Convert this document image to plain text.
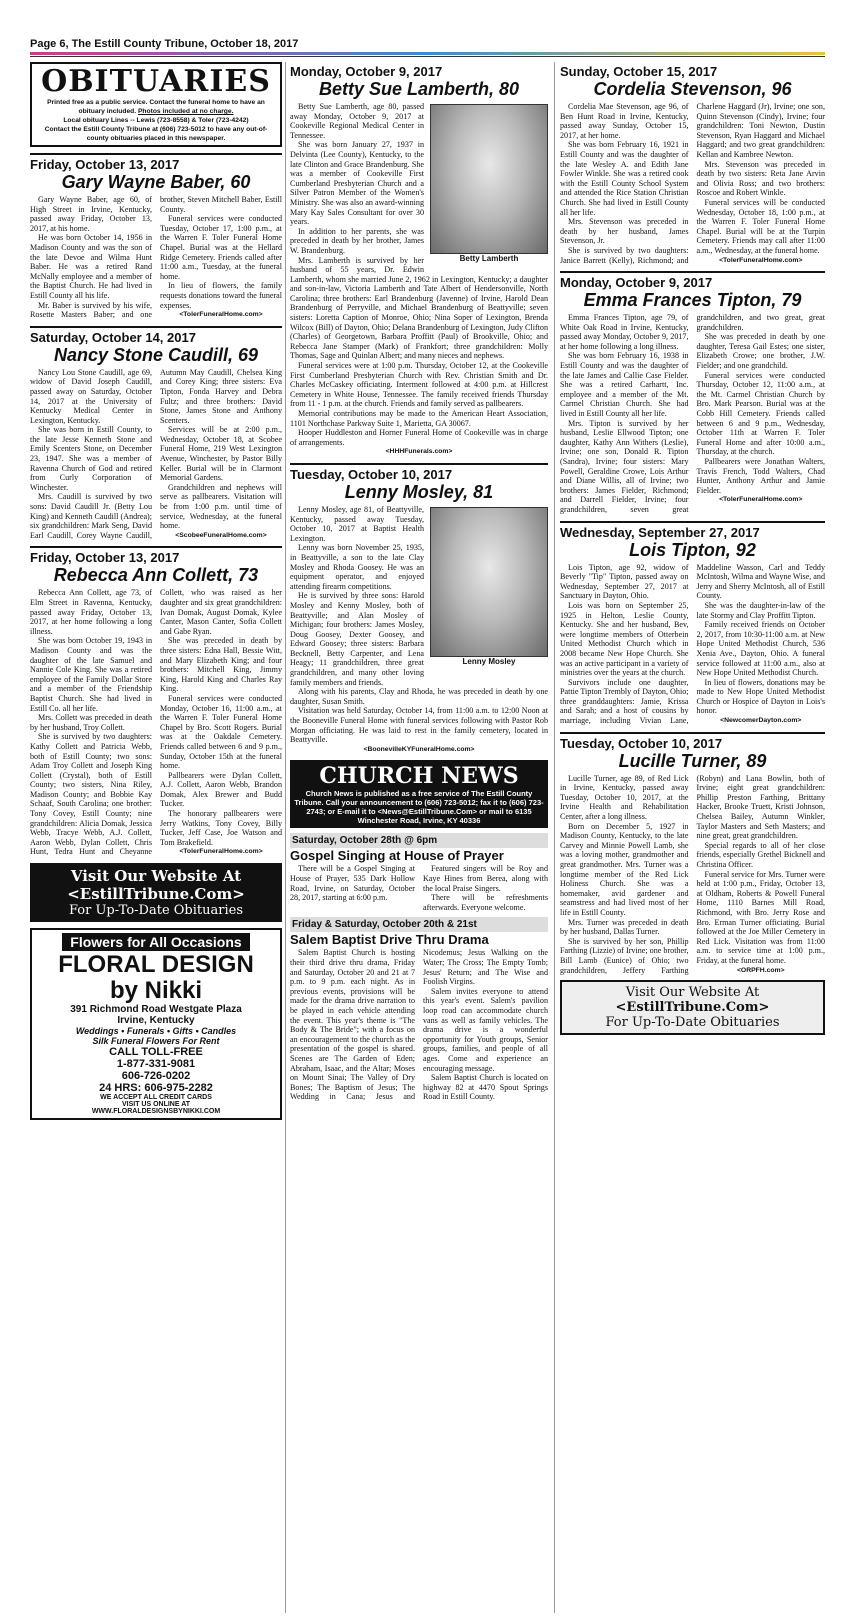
Page 6, The Estill County Tribune, October 18, 2017
OBITUARIES

Printed free as a public service. Contact the funeral home to have an obituary included. Photos included at no charge.

Local obituary Lines -- Lewis (723-8558) & Toler (723-4242)

Contact the Estill County Tribune at (606) 723-5012 to have any out-of-county obituaries placed in this newspaper.

Friday, October 13, 2017
Gary Wayne Baber, 60

Gary Wayne Baber, age 60, of High Street in Irvine, Kentucky, passed away Friday, October 13, 2017, at his home.

He was born October 14, 1956 in Madison County and was the son of the late Devoe and Wilma Hunt Baber. He was a retired Rand McNally employee and a member of the Baptist Church. He had lived in Estill County all his life.

Mr. Baber is survived by his wife, Rosette Masters Baber; and one brother, Steven Mitchell Baber, Estill County.

Funeral services were conducted Tuesday, October 17, 1:00 p.m., at the Warren F. Toler Funeral Home Chapel. Burial was at the Hellard Ridge Cemetery. Friends called after 11:00 a.m., Tuesday, at the funeral home.

In lieu of flowers, the family requests donations toward the funeral expenses.

<TolerFuneralHome.com>
Saturday, October 14, 2017
Nancy Stone Caudill, 69

Nancy Lou Stone Caudill, age 69, widow of David Joseph Caudill, passed away on Saturday, October 14, 2017 at the University of Kentucky Medical Center in Lexington, Kentucky.

She was born in Estill County, to the late Jesse Kenneth Stone and Emily Scenters Stone, on December 23, 1947. She was a member of Ravenna Church of God and retired from Curly Corporation of Winchester.

Mrs. Caudill is survived by two sons: David Caudill Jr. (Betty Lou King) and Kenneth Caudill (Andrea); six grandchildren: Mark Seng, David Earl Caudill, Corey Wayne Caudill, Autumn May Caudill, Chelsea King and Corey King; three sisters: Eva Tipton, Fonda Harvey and Debra Fultz; and three brothers: David Stone, James Stone and Anthony Scenters.

Services will be at 2:00 p.m., Wednesday, October 18, at Scobee Funeral Home, 219 West Lexington Avenue, Winchester, by Pastor Billy Keller. Burial will be in Clarmont Memorial Gardens.

Grandchildren and nephews will serve as pallbearers. Visitation will be from 1:00 p.m. until time of service, Wednesday, at the funeral home.

<ScobeeFuneralHome.com>
Friday, October 13, 2017
Rebecca Ann Collett, 73

Rebecca Ann Collett, age 73, of Elm Street in Ravenna, Kentucky, passed away Friday, October 13, 2017, at her home following a long illness.

She was born October 19, 1943 in Madison County and was the daughter of the late Samuel and Nannie Cole King. She was a retired employee of the Family Dollar Store and a member of the Friendship Baptist Church. She had lived in Estill Co. all her life.

Mrs. Collett was preceded in death by her husband, Troy Collett.

She is survived by two daughters: Kathy Collett and Patricia Webb, both of Estill County; two sons: Adam Troy Collett and Joseph King Collett (Crystal), both of Estill County; two sisters, Nina Riley, Madison County; and Bobbie Kay Schaaf, South Carolina; one brother: Tony Covey, Estill County; nine grandchildren: Alicia Domak, Jessica Webb, Tracye Webb, A.J. Collett, Aaron Webb, Dylan Collett, Chris Hunt, Tedra Hunt and Cheyanne Collett, who was raised as her daughter and six great grandchildren: Ivan Domak, August Domak, Kylee Canter, Mason Canter, Sofia Collett and Gabe Ryan.

She was preceded in death by three sisters: Edna Hall, Bessie Witt, and Mary Elizabeth King; and four brothers: Mitchell King, Jimmy King, Harold King and Charles Ray King.

Funeral services were conducted Monday, October 16, 11:00 a.m., at the Warren F. Toler Funeral Home Chapel by Bro. Scott Rogers. Burial was at the Oakdale Cemetery. Friends called between 6 and 9 p.m., Sunday, October 15th at the funeral home.

Pallbearers were Dylan Collett, A.J. Collett, Aaron Webb, Brandon Domak, Alex Brewer and Budd Tucker.

The honorary pallbearers were Jerry Watkins, Tony Covey, Billy Tucker, Jeff Case, Joe Watson and Tom Brakefield.

<TolerFuneralHome.com>
Visit Our Website At
<EstillTribune.Com>
For Up-To-Date Obituaries
Flowers for All Occasions
FLORAL DESIGN
by Nikki
391 Richmond Road Westgate Plaza
Irvine, Kentucky
Weddings • Funerals • Gifts • Candles
Silk Funeral Flowers For Rent
CALL TOLL-FREE
1-877-331-9081
606-726-0202
24 HRS: 606-975-2282
WE ACCEPT ALL CREDIT CARDS
VISIT US ONLINE AT
WWW.FLORALDESIGNSBYNIKKI.COM
Monday, October 9, 2017
Betty Sue Lamberth, 80
Betty Lamberth

Betty Sue Lamberth, age 80, passed away Monday, October 9, 2017 at Cookeville Regional Medical Center in Tennessee.

She was born January 27, 1937 in Delvinta (Lee County), Kentucky, to the late Clinton and Grace Brandenburg. She was a member of Cookeville First Cumberland Presbyterian Church and a Silver Patron Member of the Women's Ministry. She was also an award-winning Mary Kay Sales Consultant for over 30 years.

In addition to her parents, she was preceded in death by her brother, James W. Brandenburg.

Mrs. Lamberth is survived by her husband of 55 years, Dr. Edwin Lamberth, whom she married June 2, 1962 in Lexington, Kentucky; a daughter and son-in-law, Victoria Lamberth and Tate Albert of Hendersonville, North Carolina; three brothers: Earl Brandenburg (Javenne) of Irvine, Harold Dean Brandenburg of Perryville, and Michael Brandenburg of Beattyville; seven sisters: Loretta Caption of Monroe, Ohio; Nina Soper of Lexington, Brenda Wilcox (Bill) of Dayton, Ohio; Delana Brandenburg of Lexington, Judy Clifton (Charles) of Georgetown, Barbara Proffitt (Paul) of Brookville, Ohio; and Rebecca Jane Stamper (Mark) of Frankfort; three grandchildren: Molly Thomas, Sage and Quinlan Albert; and many nieces and nephews.

Funeral services were at 1:00 p.m. Thursday, October 12, at the Cookeville First Cumberland Presbyterian Church with Rev. Christian Smith and Dr. Charles McCaskey officiating. Interment followed at 4:00 p.m. at Hillcrest Cemetery in White House, Tennessee. The family received friends Thursday from 11 - 1 p.m. at the church. Friends and family served as pallbearers.

Memorial contributions may be made to the American Heart Association, 1101 Northchase Parkway Suite 1, Marietta, GA 30067.

Hooper Huddleston and Horner Funeral Home of Cookeville was in charge of arrangements.

<HHHFunerals.com>
Tuesday, October 10, 2017
Lenny Mosley, 81
Lenny Mosley

Lenny Mosley, age 81, of Beattyville, Kentucky, passed away Tuesday, October 10, 2017 at Baptist Health Lexington.

Lenny was born November 25, 1935, in Beattyville, a son to the late Clay Mosley and Rhoda Goosey. He was an equipment operator, and enjoyed attending firearm competitions.

He is survived by three sons: Harold Mosley and Kenny Mosley, both of Beattyville; and Alan Mosley of Michigan; four brothers: James Mosley, Doug Goosey, Dexter Goosey, and Edward Goosey; three sisters: Barbara Becknell, Betty Carpenter, and Lena Heagy; 11 grandchildren, three great grandchildren, and many other loving family members and friends.

Along with his parents, Clay and Rhoda, he was preceded in death by one daughter, Susan Smith.

Visitation was held Saturday, October 14, from 11:00 a.m. to 12:00 Noon at the Booneville Funeral Home with funeral services following with Pastor Rob Morgan officiating. He was laid to rest in the family cemetery, located in Beattyville.

<BoonevilleKYFuneralHome.com>
CHURCH NEWS

Church News is published as a free service of The Estill County Tribune. Call your announcement to (606) 723-5012; fax it to (606) 723-2743; or E-mail it to <News@EstillTribune.Com> or mail to 6135 Winchester Road, Irvine, KY 40336

Saturday, October 28th @ 6pm
Gospel Singing at House of Prayer

There will be a Gospel Singing at House of Prayer, 535 Dark Hollow Road, Irvine, on Saturday, October 28, 2017, starting at 6:00 p.m.

Featured singers will be Roy and Kaye Hines from Berea, along with the local Praise Singers.

There will be refreshments afterwards. Everyone welcome.

Friday & Saturday, October 20th & 21st
Salem Baptist Drive Thru Drama

Salem Baptist Church is hosting their third drive thru drama, Friday and Saturday, October 20 and 21 at 7 p.m. to 9 p.m. each night. As in previous events, provisions will be made for the drama drive narration to be played in each vehicle attending the event. This year's theme is "The Body & The Bride"; with a focus on an encouragement to the church as the presentation of the gospel is shared. Scenes are The Garden of Eden; Abraham, Isaac, and the Altar; Moses on Mount Sinai; The Valley of Dry Bones; The Baptism of Jesus; The Wedding in Cana; Jesus and Nicodemus; Jesus Walking on the Water; The Cross; The Empty Tomb; Jesus' Return; and The Wise and Foolish Virgins.

Salem invites everyone to attend this year's event. Salem's pavilion loop road can accommodate church vans as well as family vehicles. The drama drive is a wonderful opportunity for Youth groups, Senior groups, families, and people of all ages. Come and experience an encouraging message.

Salem Baptist Church is located on highway 82 at 4470 Spout Springs Road in Estill County.

Sunday, October 15, 2017
Cordelia Stevenson, 96

Cordelia Mae Stevenson, age 96, of Ben Hunt Road in Irvine, Kentucky, passed away Sunday, October 15, 2017, at her home.

She was born February 16, 1921 in Estill County and was the daughter of the late Wesley A. and Edith Jane Fowler Winkle. She was a retired cook with the Estill County School System and attended the Rice Station Christian Church. She had lived in Estill County all her life.

Mrs. Stevenson was preceded in death by her husband, James Stevenson, Jr.

She is survived by two daughters: Janice Barrett (Kelly), Richmond; and Charlene Haggard (Jr), Irvine; one son, Quinn Stevenson (Cindy), Irvine; four grandchildren: Toni Newton, Dustin Stevenson, Ryan Haggard and Michael Haggard; and two great grandchildren: Kellan and Kambree Newton.

Mrs. Stevenson was preceded in death by two sisters: Reta Jane Arvin and Olivia Ross; and two brothers: Roscoe and Robert Winkle.

Funeral services will be conducted Wednesday, October 18, 1:00 p.m., at the Warren F. Toler Funeral Home Chapel. Burial will be at the Turpin Cemetery. Friends may call after 11:00 a.m., Wednesday, at the funeral home.

<TolerFuneralHome.com>
Monday, October 9, 2017
Emma Frances Tipton, 79

Emma Frances Tipton, age 79, of White Oak Road in Irvine, Kentucky, passed away Monday, October 9, 2017, at her home following a long illness.

She was born February 16, 1938 in Estill County and was the daughter of the late James and Callie Case Fielder. She was a retired Carhartt, Inc. employee and a member of the Mt. Carmel Christian Church. She had lived in Estill County all her life.

Mrs. Tipton is survived by her husband, Leslie Ellwood Tipton; one daughter, Kathy Ann Withers (Leslie), Irvine; one son, Donald R. Tipton (Sandra), Irvine; four sisters: Mary Powell, Geraldine Crowe, Lois Arthur and Diane Willis, all of Irvine; two brothers: James Fielder, Richmond; and Darrell Fielder, Irvine; four grandchildren, seven great grandchildren, and two great, great grandchildren.

She was preceded in death by one daughter, Teresa Gail Estes; one sister, Elizabeth Crowe; one brother, J.W. Fielder; and one grandchild.

Funeral services were conducted Thursday, October 12, 11:00 a.m., at the Mt. Carmel Christian Church by Bro. Mark Pearson. Burial was at the Cobb Hill Cemetery. Friends called between 6 and 9 p.m., Wednesday, October 11th at Warren F. Toler Funeral Home and after 10:00 a.m., Thursday, at the church.

Pallbearers were Jonathan Walters, Travis French, Todd Walters, Chad Hunter, Anthony Arthur and Jamie Fielder.

<TolerFuneralHome.com>
Wednesday, September 27, 2017
Lois Tipton, 92

Lois Tipton, age 92, widow of Beverly "Tip" Tipton, passed away on Wednesday, September 27, 2017 at Sanctuary in Dayton, Ohio.

Lois was born on September 25, 1925 in Helton, Leslie County, Kentucky. She and her husband, Bev, were longtime members of Otterbein United Methodist Church which in 2008 became New Hope Church. She was an active participant in a variety of ministries over the years at the church.

Survivors include one daughter, Pattie Tipton Trembly of Dayton, Ohio; three granddaughters: Jamie, Krissa and Sarah; and a host of cousins by marriage, including Vivian Lane, Maddeline Wasson, Carl and Teddy McIntosh, Wilma and Wayne Wise, and Jerry and Sherry McIntosh, all of Estill County.

She was the daughter-in-law of the late Stormy and Clay Proffitt Tipton.

Family received friends on October 2, 2017, from 10:30-11:00 a.m. at New Hope United Methodist Church, 536 Xenia Ave., Dayton, Ohio. A funeral service followed at 11:00 a.m., also at New Hope United Methodist Church.

In lieu of flowers, donations may be made to New Hope United Methodist Church or Hospice of Dayton in Lois's honor.

<NewcomerDayton.com>
Tuesday, October 10, 2017
Lucille Turner, 89

Lucille Turner, age 89, of Red Lick in Irvine, Kentucky, passed away Tuesday, October 10, 2017, at the Irvine Health and Rehabilitation Center, after a long illness.

Born on December 5, 1927 in Madison County, Kentucky, to the late Carvey and Minnie Powell Lamb, she was a loving mother, grandmother and great grandmother. Mrs. Turner was a longtime member of the Red Lick Holiness Church. She was a homemaker, avid gardener and seamstress and had lived most of her life in Estill County.

Mrs. Turner was preceded in death by her husband, Dallas Turner.

She is survived by her son, Phillip Farthing (Lizzie) of Irvine; one brother, Bill Lamb (Eunice) of Ohio; two grandchildren, Jeffery Farthing (Robyn) and Lana Bowlin, both of Irvine; eight great grandchildren: Phillip Preston Farthing, Brittany Hacker, Brooke Truett, Kristi Johnson, Chelsea Bailey, Autumn Winkler, Taylor Masters and Seth Masters; and nine great, great grandchildren.

Special regards to all of her close friends, especially Grethel Bicknell and Christina Officer.

Funeral service for Mrs. Turner were held at 1:00 p.m., Friday, October 13, at Oldham, Roberts & Powell Funeral Home, 1110 Barnes Mill Road, Richmond, with Bro. Jerry Rose and Bro. Erman Turner officiating. Burial followed at the Joe Miller Cemetery in Red Lick. Visitation was from 11:00 a.m. to service time at 1:00 p.m., Friday, at the funeral home.

<ORPFH.com>
Visit Our Website At
<EstillTribune.Com>
For Up-To-Date Obituaries
